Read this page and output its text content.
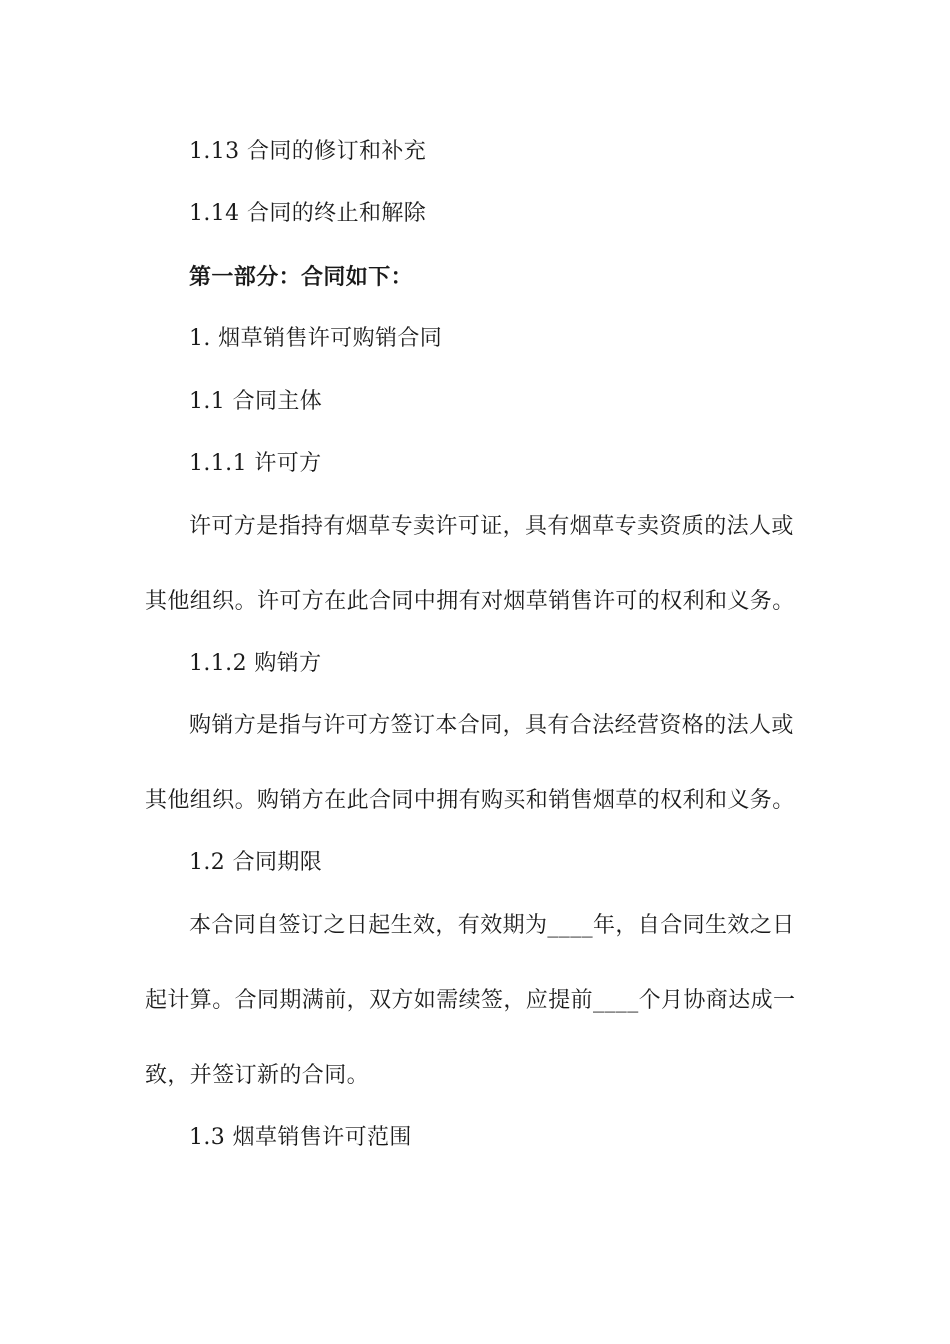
1.13 合同的修订和补充
1.14 合同的终止和解除
第一部分：合同如下：
1. 烟草销售许可购销合同
1.1 合同主体
1.1.1 许可方
许可方是指持有烟草专卖许可证，具有烟草专卖资质的法人或
其他组织。许可方在此合同中拥有对烟草销售许可的权利和义务。
1.1.2 购销方
购销方是指与许可方签订本合同，具有合法经营资格的法人或
其他组织。购销方在此合同中拥有购买和销售烟草的权利和义务。
1.2 合同期限
本合同自签订之日起生效，有效期为____年，自合同生效之日
起计算。合同期满前，双方如需续签，应提前____个月协商达成一
致，并签订新的合同。
1.3 烟草销售许可范围
